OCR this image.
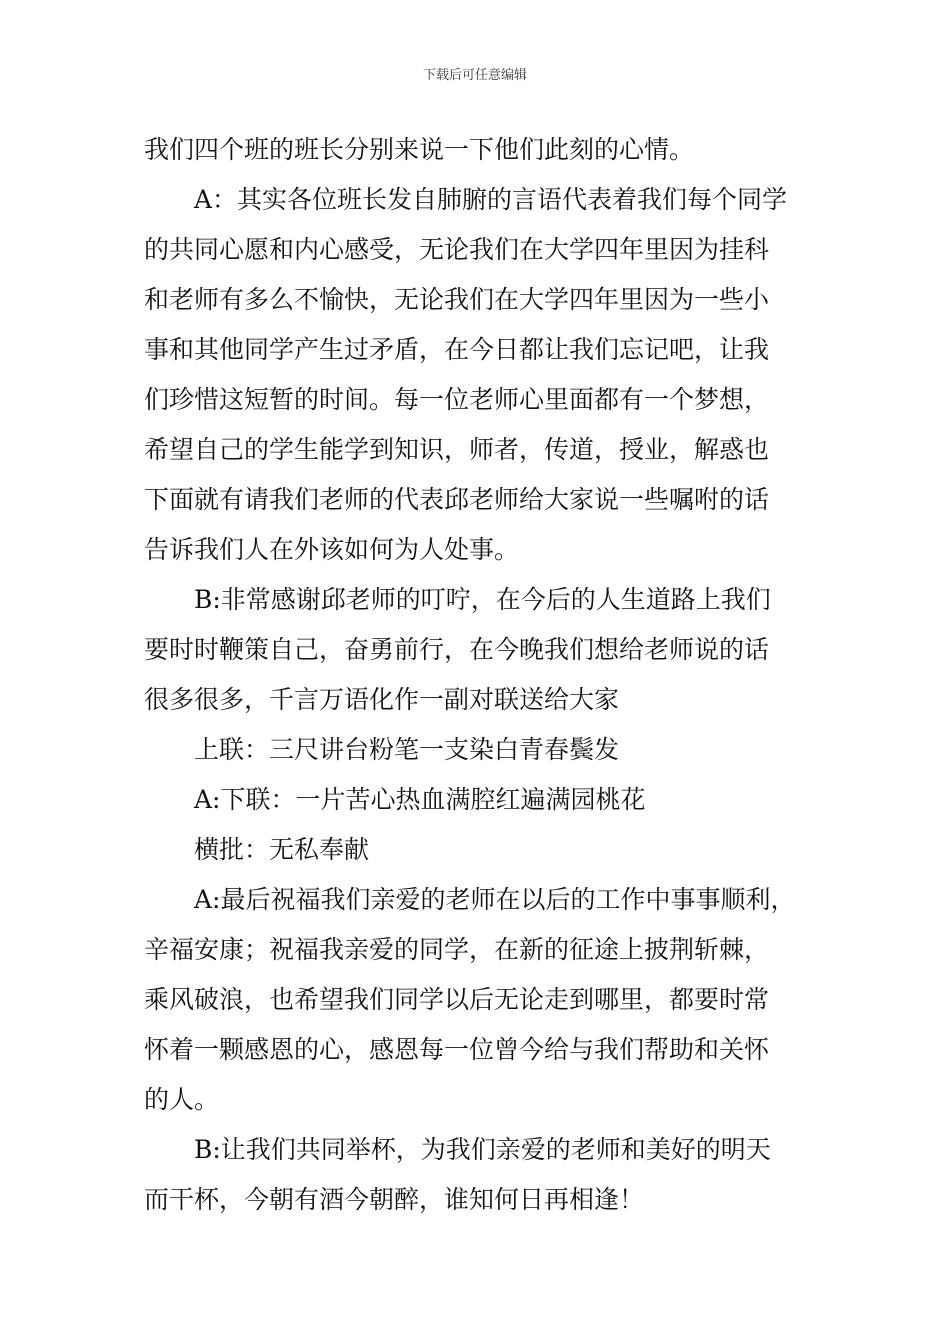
下载后可任意编辑
我们四个班的班长分别来说一下他们此刻的心情。
A：其实各位班长发自肺腑的言语代表着我们每个同学
的共同心愿和内心感受，无论我们在大学四年里因为挂科
和老师有多么不愉快，无论我们在大学四年里因为一些小
事和其他同学产生过矛盾，在今日都让我们忘记吧，让我
们珍惜这短暂的时间。每一位老师心里面都有一个梦想，
希望自己的学生能学到知识，师者，传道，授业，解惑也
下面就有请我们老师的代表邱老师给大家说一些嘱咐的话
告诉我们人在外该如何为人处事。
B:非常感谢邱老师的叮咛，在今后的人生道路上我们
要时时鞭策自己，奋勇前行，在今晚我们想给老师说的话
很多很多，千言万语化作一副对联送给大家
上联：三尺讲台粉笔一支染白青春鬓发
A:下联：一片苦心热血满腔红遍满园桃花
横批：无私奉献
A:最后祝福我们亲爱的老师在以后的工作中事事顺利，
辛福安康；祝福我亲爱的同学，在新的征途上披荆斩棘，
乘风破浪，也希望我们同学以后无论走到哪里，都要时常
怀着一颗感恩的心，感恩每一位曾今给与我们帮助和关怀
的人。
B:让我们共同举杯，为我们亲爱的老师和美好的明天
而干杯，今朝有酒今朝醉，谁知何日再相逢！
